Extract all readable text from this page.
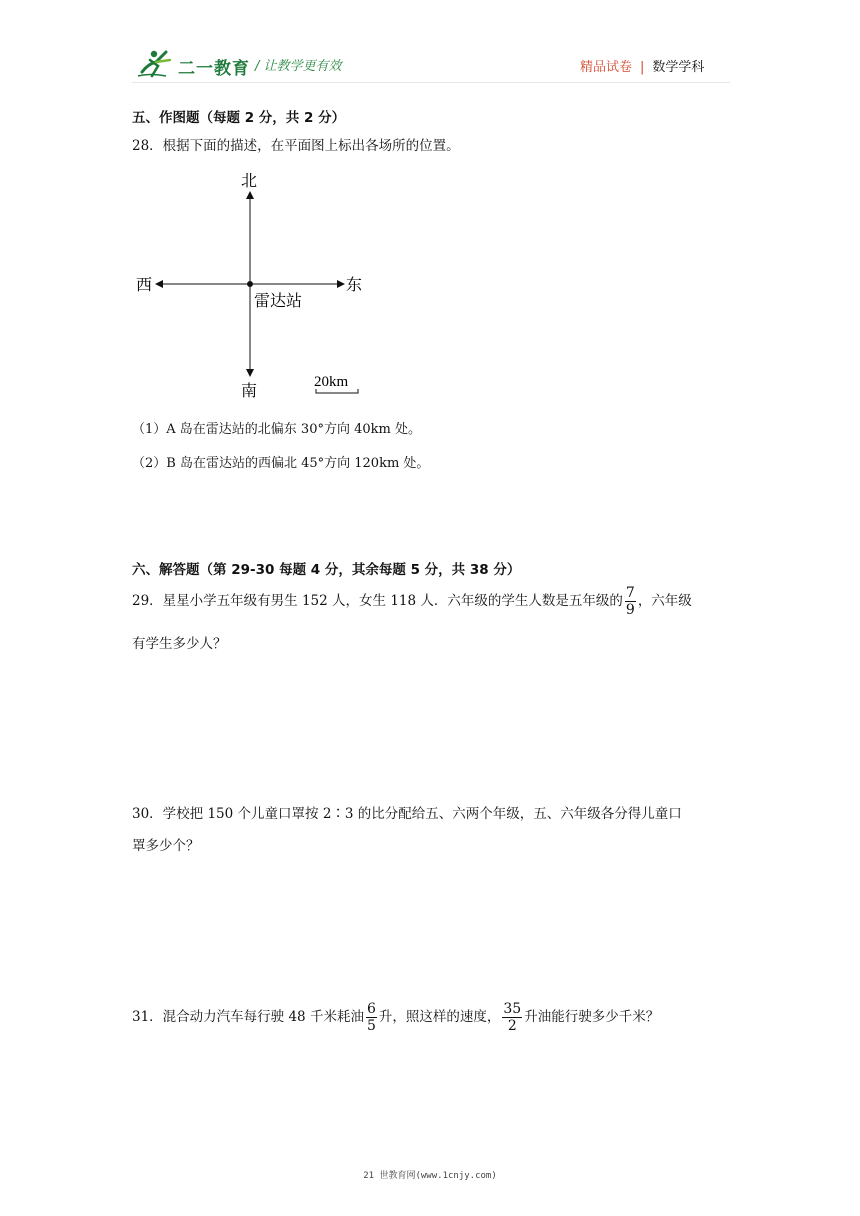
二一教育 / 让教学更有效	精品试卷 | 数学学科
五、作图题（每题 2 分，共 2 分）
28．根据下面的描述，在平面图上标出各场所的位置。
北
南
西	东
雷达站
20km
（1）A 岛在雷达站的北偏东 30°方向 40km 处。
（2）B 岛在雷达站的西偏北 45°方向 120km 处。
六、解答题（第 29-30 每题 4 分，其余每题 5 分，共 38 分）
29．星星小学五年级有男生 152 人，女生 118 人．六年级的学生人数是五年级的 $\frac{7}{9}$ ，六年级
有学生多少人？
30．学校把 150 个儿童口罩按 2∶3 的比分配给五、六两个年级，五、六年级各分得儿童口
罩多少个？
31．混合动力汽车每行驶 48 千米耗油 $\frac{6}{5}$ 升，照这样的速度， $\frac{35}{2}$ 升油能行驶多少千米？
21 世教育网(www.1cnjy.com)
